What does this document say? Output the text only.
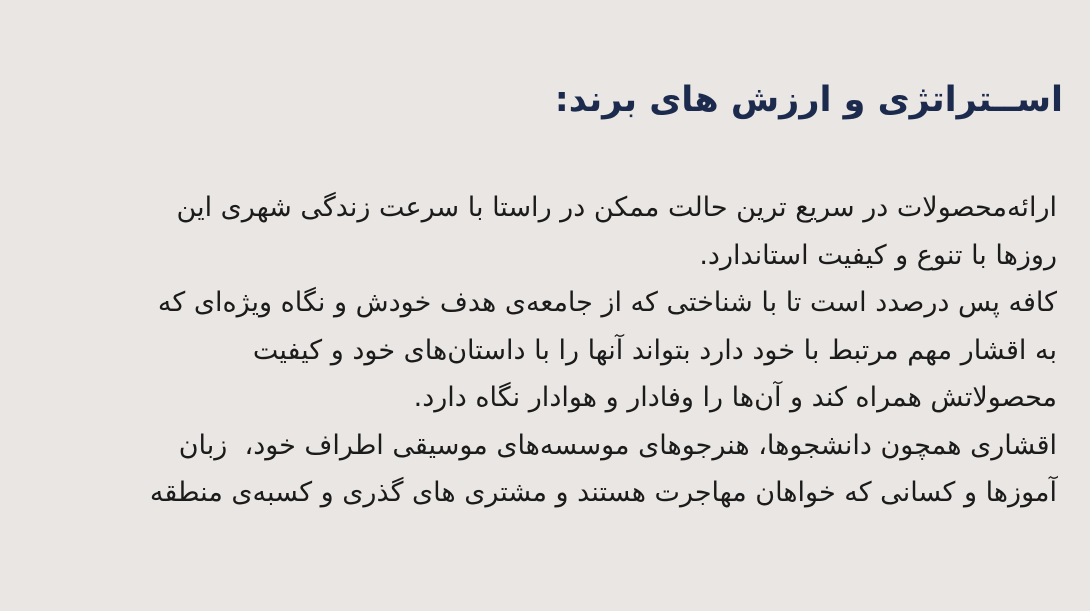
اســتراتژی و ارزش های برند:
ارائه‌محصولات در سریع ترین حالت ممکن در راستا با سرعت زندگی شهری این
روزها با تنوع و کیفیت استاندارد.
کافه پس درصدد است تا با شناختی که از جامعه‌ی هدف خودش و نگاه ویژه‌ای که
به اقشار مهم مرتبط با خود دارد بتواند آنها را با داستان‌های خود و کیفیت
محصولاتش همراه کند و آن‌ها را وفادار و هوادار نگاه دارد.
اقشاری همچون دانشجوها، هنرجوهای موسسه‌های موسیقی اطراف خود،  زبان
آموزها و کسانی که خواهان مهاجرت هستند و مشتری های گذری و کسبه‌ی منطقه
